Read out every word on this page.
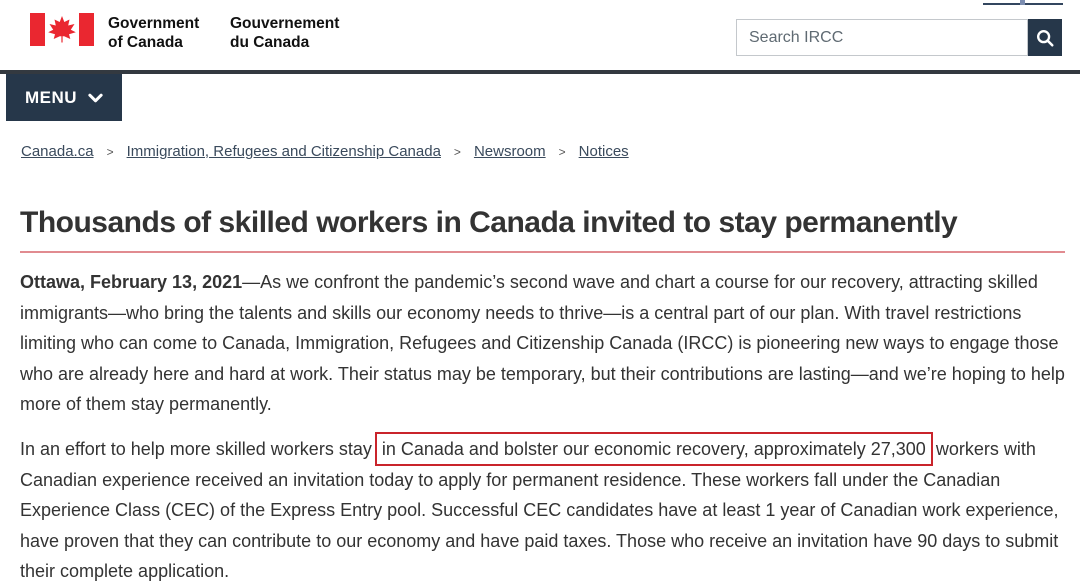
Government
of Canada
Gouvernement
du Canada
Search IRCC
MENU
Canada.ca > Immigration, Refugees and Citizenship Canada > Newsroom > Notices
Thousands of skilled workers in Canada invited to stay permanently

Ottawa, February 13, 2021—As we confront the pandemic’s second wave and chart a course for our recovery, attracting skilled immigrants—who bring the talents and skills our economy needs to thrive—is a central part of our plan. With travel restrictions limiting who can come to Canada, Immigration, Refugees and Citizenship Canada (IRCC) is pioneering new ways to engage those who are already here and hard at work. Their status may be temporary, but their contributions are lasting—and we’re hoping to help more of them stay permanently.

In an effort to help more skilled workers stay in Canada and bolster our economic recovery, approximately 27,300 workers with Canadian experience received an invitation today to apply for permanent residence. These workers fall under the Canadian Experience Class (CEC) of the Express Entry pool. Successful CEC candidates have at least 1 year of Canadian work experience, have proven that they can contribute to our economy and have paid taxes. Those who receive an invitation have 90 days to submit their complete application.
